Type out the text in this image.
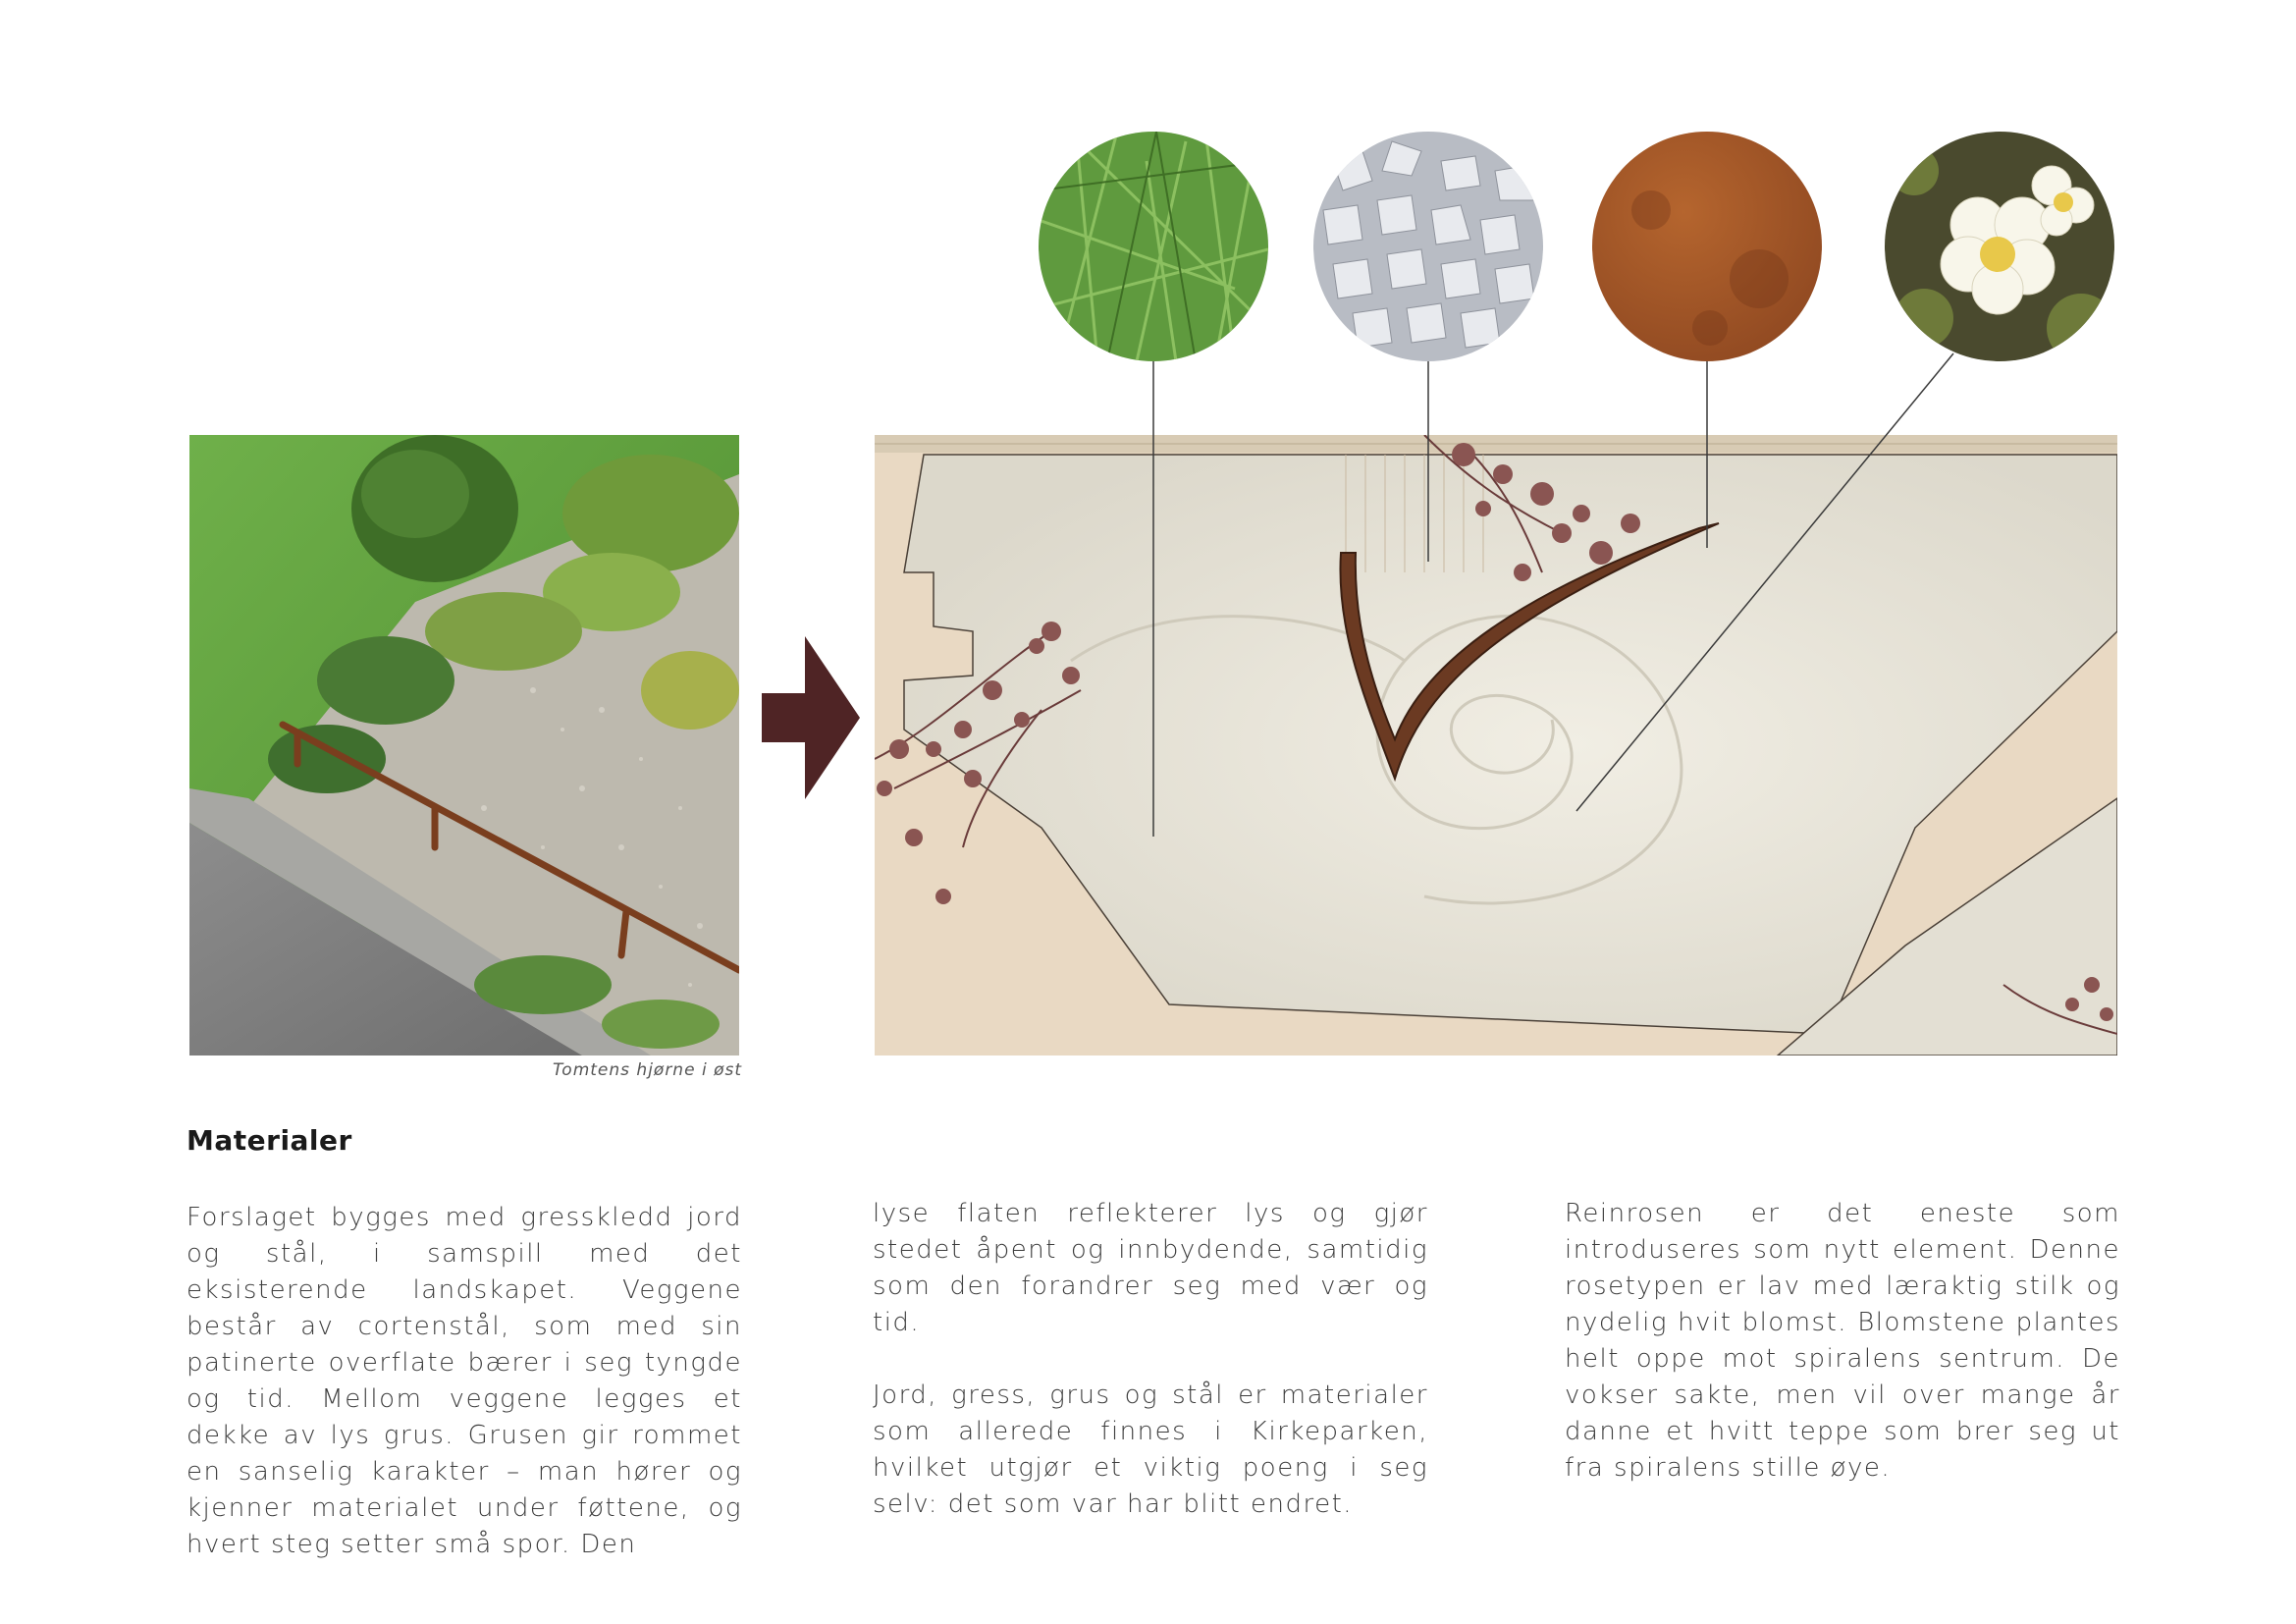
Tomtens hjørne i øst
Materialer

Forslaget bygges med gresskledd jord og stål, i samspill med det eksisterende landskapet. Veggene består av cortenstål, som med sin patinerte overflate bærer i seg tyngde og tid. Mellom veggene legges et dekke av lys grus. Grusen gir rommet en sanselig karakter – man hører og kjenner materialet under føttene, og hvert steg setter små spor. Den

lyse flaten reflekterer lys og gjør stedet åpent og innbydende, samtidig som den forandrer seg med vær og tid.

Jord, gress, grus og stål er materialer som allerede finnes i Kirkeparken, hvilket utgjør et viktig poeng i seg selv: det som var har blitt endret.

Reinrosen er det eneste som introduseres som nytt element. Denne rosetypen er lav med læraktig stilk og nydelig hvit blomst. Blomstene plantes helt oppe mot spiralens sentrum. De vokser sakte, men vil over mange år danne et hvitt teppe som brer seg ut fra spiralens stille øye.
